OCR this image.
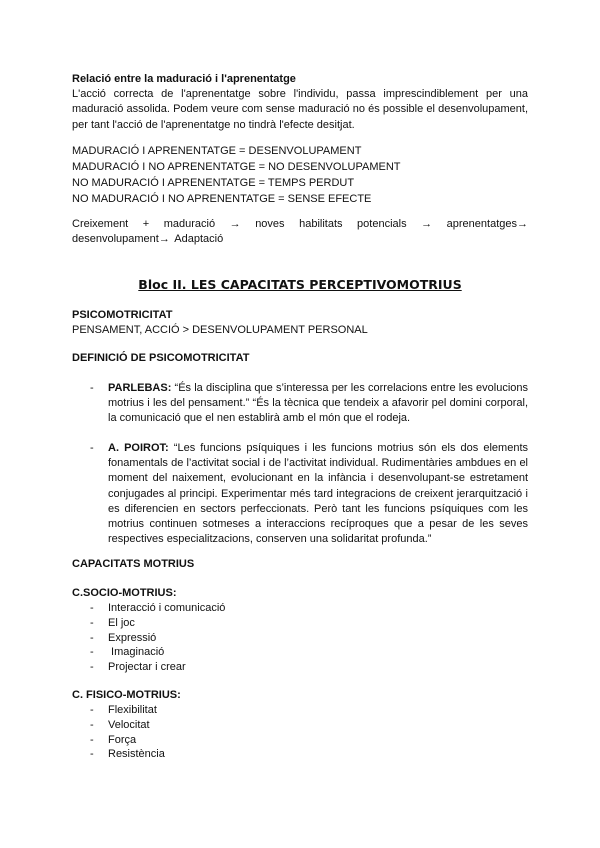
Relació entre la maduració i l'aprenentatge
L'acció correcta de l'aprenentatge sobre l'individu, passa imprescindiblement per una maduració assolida. Podem veure com sense maduració no és possible el desenvolupament, per tant l'acció de l'aprenentatge no tindrà l'efecte desitjat.
MADURACIÓ I APRENENTATGE = DESENVOLUPAMENT
MADURACIÓ I NO APRENENTATGE = NO DESENVOLUPAMENT
NO MADURACIÓ I APRENENTATGE = TEMPS PERDUT
NO MADURACIÓ I NO APRENENTATGE = SENSE EFECTE
Creixement + maduració → noves habilitats potencials → aprenentatges→ desenvolupament→ Adaptació
Bloc II. LES CAPACITATS PERCEPTIVOMOTRIUS
PSICOMOTRICITAT
PENSAMENT, ACCIÓ > DESENVOLUPAMENT PERSONAL
DEFINICIÓ DE PSICOMOTRICITAT
- PARLEBAS: “És la disciplina que s’interessa per les correlacions entre les evolucions motrius i les del pensament.” “És la tècnica que tendeix a afavorir pel domini corporal, la comunicació que el nen establirà amb el món que el rodeja.
- A. POIROT: “Les funcions psíquiques i les funcions motrius són els dos elements fonamentals de l’activitat social i de l’activitat individual. Rudimentàries ambdues en el moment del naixement, evolucionant en la infància i desenvolupant-se estretament conjugades al principi. Experimentar més tard integracions de creixent jerarquització i es diferencien en sectors perfeccionats. Però tant les funcions psíquiques com les motrius continuen sotmeses a interaccions recíproques que a pesar de les seves respectives especialitzacions, conserven una solidaritat profunda.”
CAPACITATS MOTRIUS
C.SOCIO-MOTRIUS:
- Interacció i comunicació
- El joc
- Expressió
- Imaginació
- Projectar i crear
C. FISICO-MOTRIUS:
- Flexibilitat
- Velocitat
- Força
- Resistència
